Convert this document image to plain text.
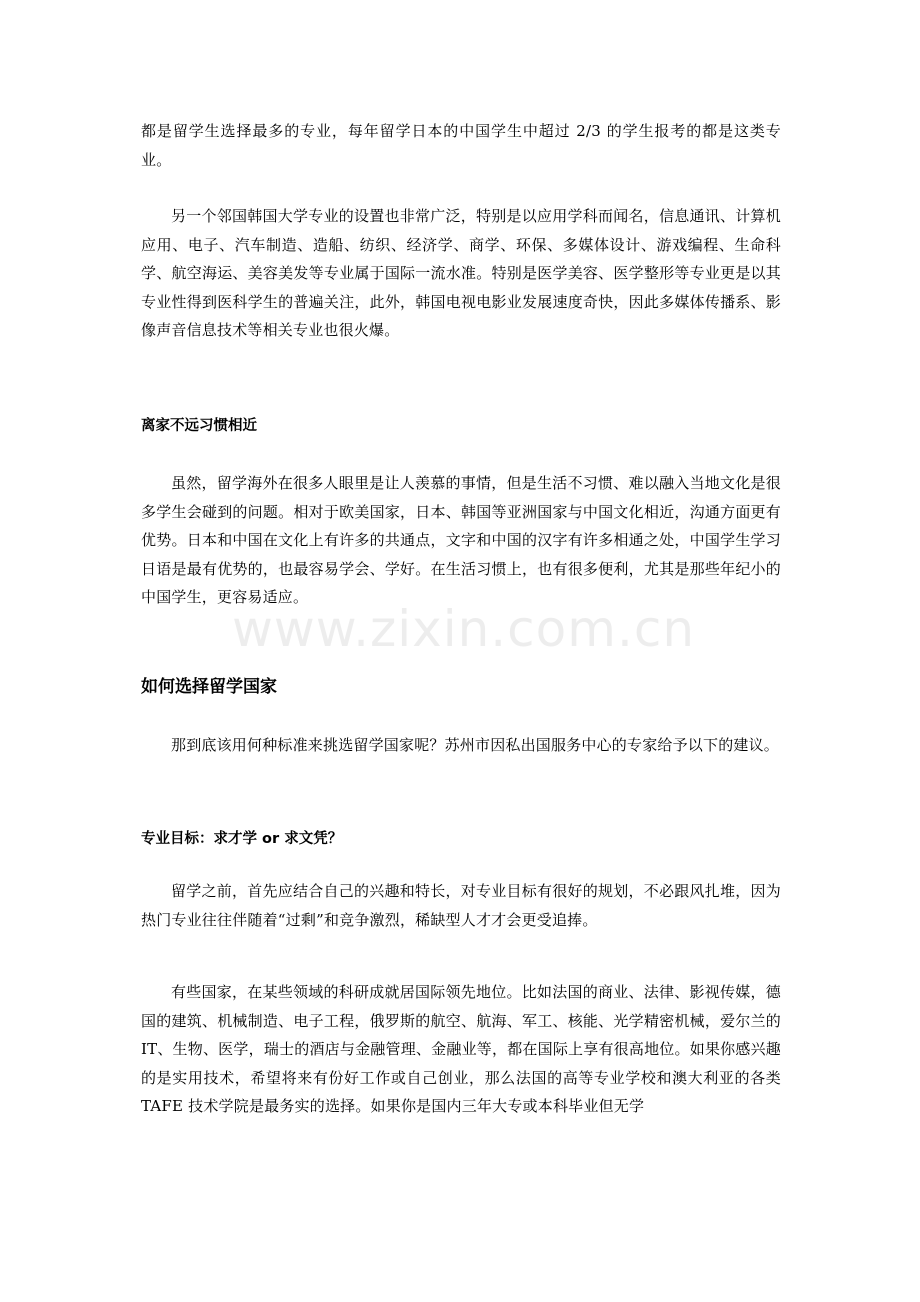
www.zixin.com.cn

都是留学生选择最多的专业，每年留学日本的中国学生中超过 2/3 的学生报考的都是这类专业。

另一个邻国韩国大学专业的设置也非常广泛，特别是以应用学科而闻名，信息通讯、计算机应用、电子、汽车制造、造船、纺织、经济学、商学、环保、多媒体设计、游戏编程、生命科学、航空海运、美容美发等专业属于国际一流水准。特别是医学美容、医学整形等专业更是以其专业性得到医科学生的普遍关注，此外，韩国电视电影业发展速度奇快，因此多媒体传播系、影像声音信息技术等相关专业也很火爆。

离家不远习惯相近

虽然，留学海外在很多人眼里是让人羡慕的事情，但是生活不习惯、难以融入当地文化是很多学生会碰到的问题。相对于欧美国家，日本、韩国等亚洲国家与中国文化相近，沟通方面更有优势。日本和中国在文化上有许多的共通点，文字和中国的汉字有许多相通之处，中国学生学习日语是最有优势的，也最容易学会、学好。在生活习惯上，也有很多便利，尤其是那些年纪小的中国学生，更容易适应。

如何选择留学国家

那到底该用何种标准来挑选留学国家呢？苏州市因私出国服务中心的专家给予以下的建议。

专业目标：求才学 or 求文凭？

留学之前，首先应结合自己的兴趣和特长，对专业目标有很好的规划，不必跟风扎堆，因为热门专业往往伴随着“过剩”和竞争激烈，稀缺型人才才会更受追捧。

有些国家，在某些领域的科研成就居国际领先地位。比如法国的商业、法律、影视传媒，德国的建筑、机械制造、电子工程，俄罗斯的航空、航海、军工、核能、光学精密机械，爱尔兰的 IT、生物、医学，瑞士的酒店与金融管理、金融业等，都在国际上享有很高地位。如果你感兴趣的是实用技术，希望将来有份好工作或自己创业，那么法国的高等专业学校和澳大利亚的各类 TAFE 技术学院是最务实的选择。如果你是国内三年大专或本科毕业但无学
